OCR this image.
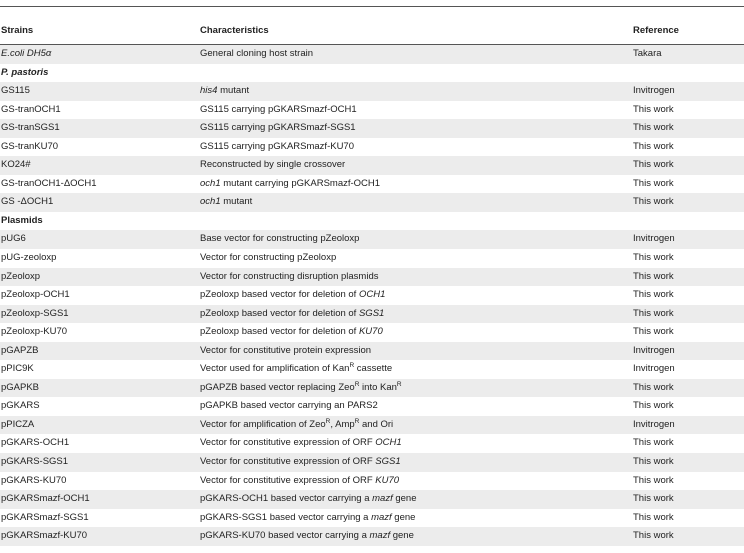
Strains	Characteristics	Reference
E.coli DH5α	General cloning host strain	Takara
P. pastoris
GS115	his4 mutant	Invitrogen
GS-tranOCH1	GS115 carrying pGKARSmazf-OCH1	This work
GS-tranSGS1	GS115 carrying pGKARSmazf-SGS1	This work
GS-tranKU70	GS115 carrying pGKARSmazf-KU70	This work
KO24#	Reconstructed by single crossover	This work
GS-tranOCH1-ΔOCH1	och1 mutant carrying pGKARSmazf-OCH1	This work
GS -ΔOCH1	och1 mutant	This work
Plasmids
pUG6	Base vector for constructing pZeoloxp	Invitrogen
pUG-zeoloxp	Vector for constructing pZeoloxp	This work
pZeoloxp	Vector for constructing disruption plasmids	This work
pZeoloxp-OCH1	pZeoloxp based vector for deletion of OCH1	This work
pZeoloxp-SGS1	pZeoloxp based vector for deletion of SGS1	This work
pZeoloxp-KU70	pZeoloxp based vector for deletion of KU70	This work
pGAPZB	Vector for constitutive protein expression	Invitrogen
pPIC9K	Vector used for amplification of Kan$^R$ cassette	Invitrogen
pGAPKB	pGAPZB based vector replacing Zeo$^R$ into Kan$^R$	This work
pGKARS	pGAPKB based vector carrying an PARS2	This work
pPICZA	Vector for amplification of Zeo$^R$, Amp$^R$ and Ori	Invitrogen
pGKARS-OCH1	Vector for constitutive expression of ORF OCH1	This work
pGKARS-SGS1	Vector for constitutive expression of ORF SGS1	This work
pGKARS-KU70	Vector for constitutive expression of ORF KU70	This work
pGKARSmazf-OCH1	pGKARS-OCH1 based vector carrying a mazf gene	This work
pGKARSmazf-SGS1	pGKARS-SGS1 based vector carrying a mazf gene	This work
pGKARSmazf-KU70	pGKARS-KU70 based vector carrying a mazf gene	This work
